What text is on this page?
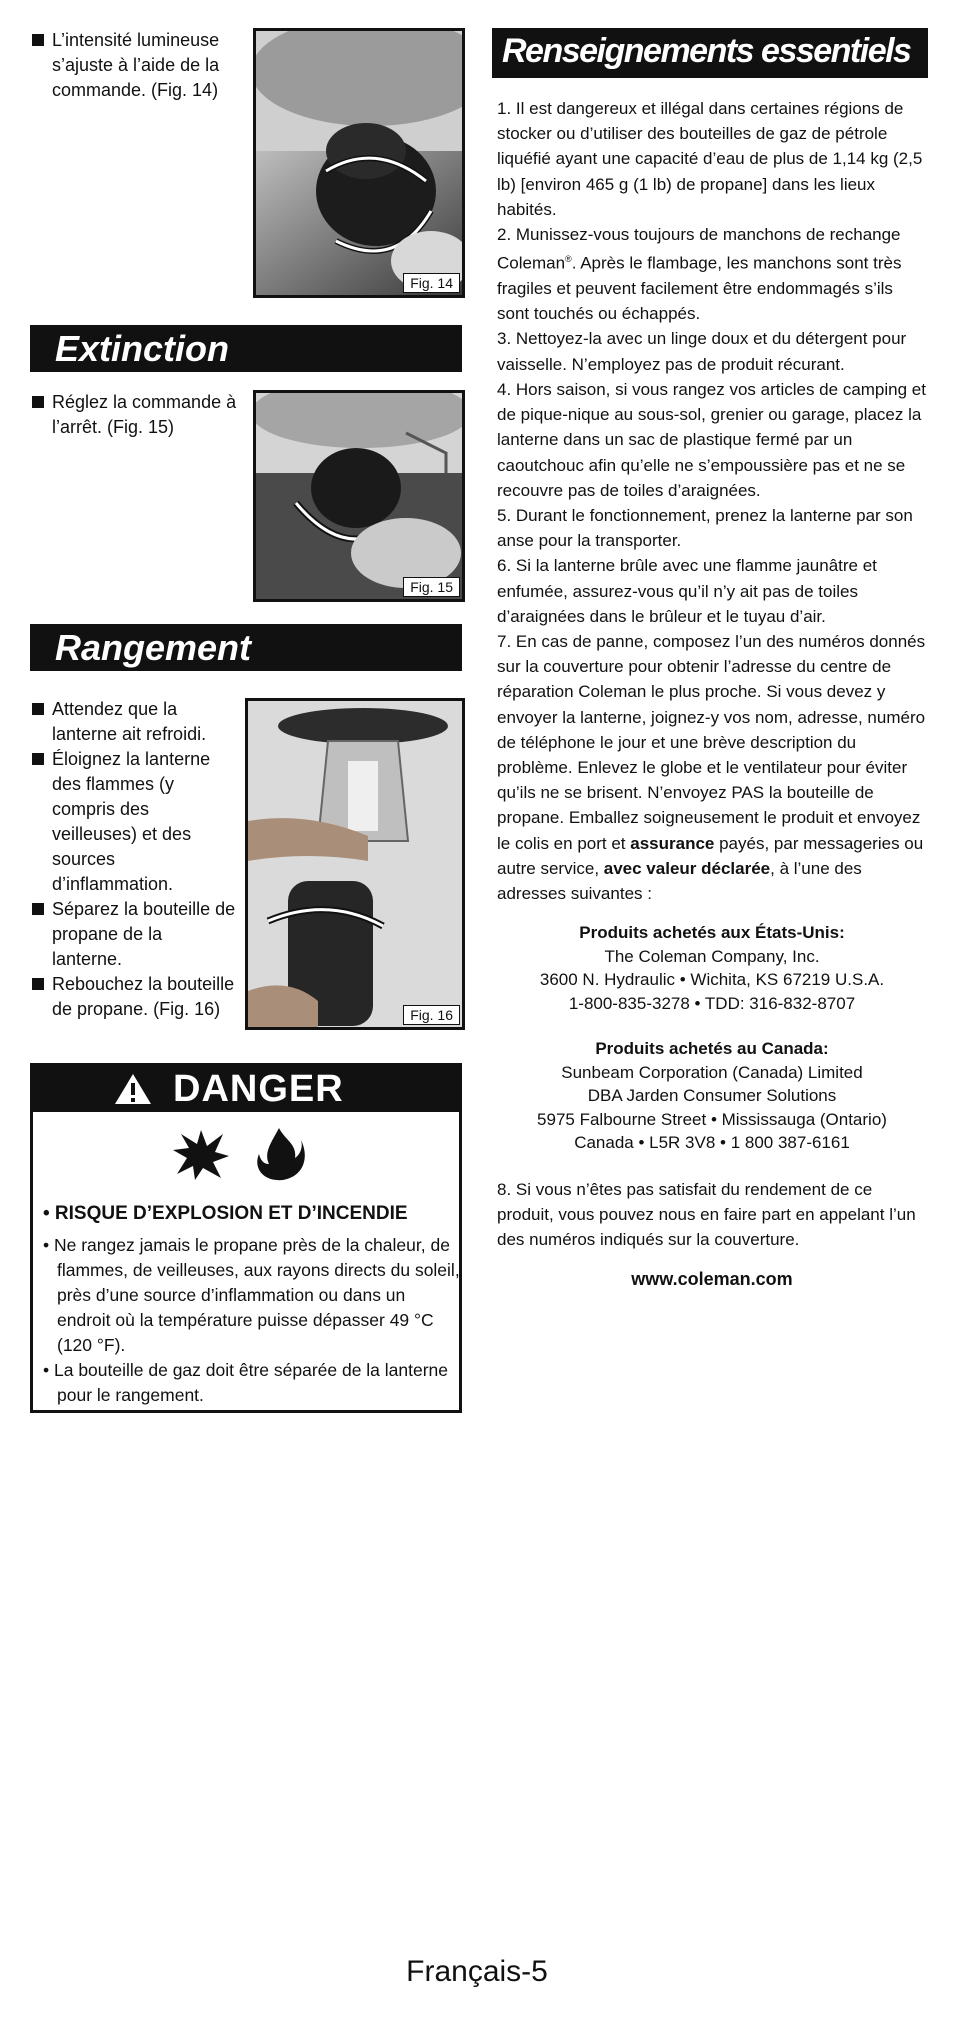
L’intensité lumineuse s’ajuste à l’aide de la commande. (Fig. 14)
Fig. 14
Extinction
Réglez la commande à l’arrêt. (Fig. 15)
Fig. 15
Rangement
Attendez que la lanterne ait refroidi.
Éloignez la lanterne des flammes (y compris des veilleuses) et des sources d’inflammation.
Séparez la bouteille de propane de la lanterne.
Rebouchez la bouteille de propane. (Fig. 16)	Fig. 16
DANGER
• RISQUE D’EXPLOSION ET D’INCENDIE
• Ne rangez jamais le propane près de la chaleur, de flammes, de veilleuses, aux rayons directs du soleil, près d’une source d’inflammation ou dans un endroit où la température puisse dépasser 49 °C (120 °F).
• La bouteille de gaz doit être séparée de la lanterne pour le rangement.
Renseignements essentiels

1. Il est dangereux et illégal dans certaines régions de stocker ou d’utiliser des bouteilles de gaz de pétrole liquéfié ayant une capacité d’eau de plus de 1,14 kg (2,5 lb) [environ 465 g (1 lb) de propane] dans les lieux habités.

2. Munissez-vous toujours de manchons de rechange Coleman®. Après le flambage, les manchons sont très fragiles et peuvent facilement être endommagés s’ils sont touchés ou échappés.

3. Nettoyez-la avec un linge doux et du détergent pour vaisselle. N’employez pas de produit récurant.

4. Hors saison, si vous rangez vos articles de camping et de pique-nique au sous-sol, grenier ou garage, placez la lanterne dans un sac de plastique fermé par un caoutchouc afin qu’elle ne s’empoussière pas et ne se recouvre pas de toiles d’araignées.

5. Durant le fonctionnement, prenez la lanterne par son anse pour la transporter.

6. Si la lanterne brûle avec une flamme jaunâtre et enfumée, assurez-vous qu’il n’y ait pas de toiles d’araignées dans le brûleur et le tuyau d’air.

7. En cas de panne, composez l’un des numéros donnés sur la couverture pour obtenir l’adresse du centre de réparation Coleman le plus proche. Si vous devez y envoyer la lanterne, joignez-y vos nom, adresse, numéro de téléphone le jour et une brève description du problème. Enlevez le globe et le ventilateur pour éviter qu’ils ne se brisent. N’envoyez PAS la bouteille de propane. Emballez soigneusement le produit et envoyez le colis en port et assurance payés, par messageries ou autre service, avec valeur déclarée, à l’une des adresses suivantes :

Produits achetés aux États-Unis:
The Coleman Company, Inc.
3600 N. Hydraulic • Wichita, KS 67219 U.S.A.
1-800-835-3278 • TDD: 316-832-8707
Produits achetés au Canada:
Sunbeam Corporation (Canada) Limited
DBA Jarden Consumer Solutions
5975 Falbourne Street • Mississauga (Ontario)
Canada • L5R 3V8 • 1 800 387-6161

8. Si vous n’êtes pas satisfait du rendement de ce produit, vous pouvez nous en faire part en appelant l’un des numéros indiqués sur la couverture.

www.coleman.com
Français-5
